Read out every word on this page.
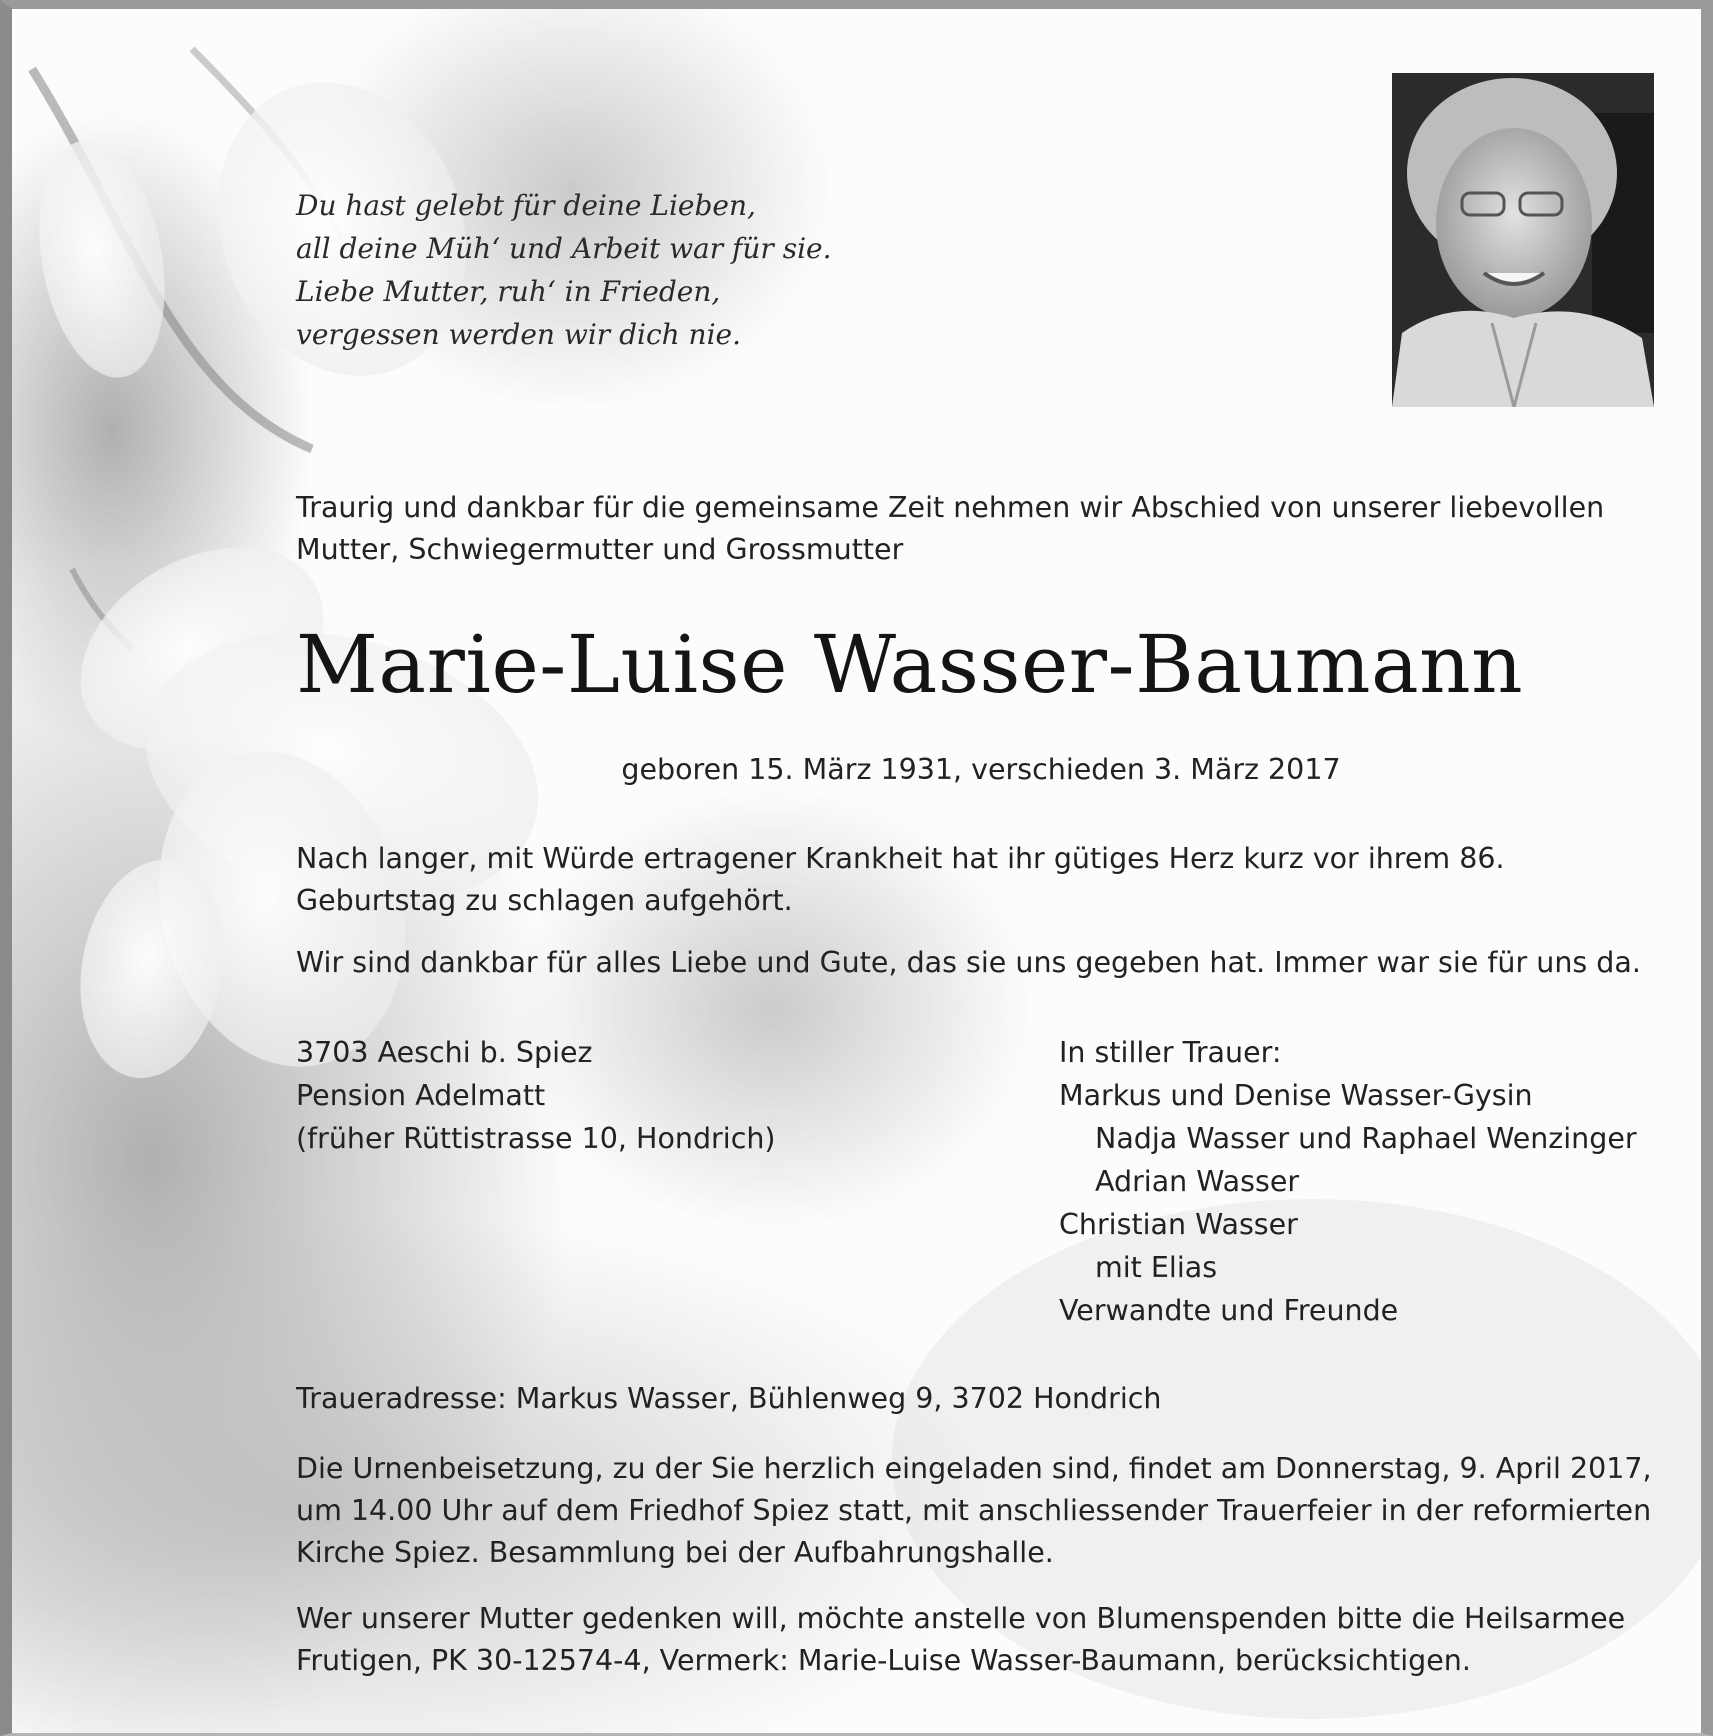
Du hast gelebt für deine Lieben,
all deine Müh‘ und Arbeit war für sie.
Liebe Mutter, ruh‘ in Frieden,
vergessen werden wir dich nie.
Traurig und dankbar für die gemeinsame Zeit nehmen wir Abschied von unserer liebevollen Mutter, Schwiegermutter und Grossmutter
Marie-Luise Wasser-Baumann
geboren 15. März 1931, verschieden 3. März 2017
Nach langer, mit Würde ertragener Krankheit hat ihr gütiges Herz kurz vor ihrem 86. Geburtstag zu schlagen aufgehört.
Wir sind dankbar für alles Liebe und Gute, das sie uns gegeben hat. Immer war sie für uns da.
3703 Aeschi b. Spiez
Pension Adelmatt
(früher Rüttistrasse 10, Hondrich)
In stiller Trauer:
Markus und Denise Wasser-Gysin
Nadja Wasser und Raphael Wenzinger
Adrian Wasser
Christian Wasser
mit Elias
Verwandte und Freunde
Traueradresse: Markus Wasser, Bühlenweg 9, 3702 Hondrich
Die Urnenbeisetzung, zu der Sie herzlich eingeladen sind, findet am Donnerstag, 9. April 2017, um 14.00 Uhr auf dem Friedhof Spiez statt, mit anschliessender Trauerfeier in der reformierten Kirche Spiez. Besammlung bei der Aufbahrungshalle.
Wer unserer Mutter gedenken will, möchte anstelle von Blumenspenden bitte die Heilsarmee Frutigen, PK 30-12574-4, Vermerk: Marie-Luise Wasser-Baumann, berücksichtigen.
